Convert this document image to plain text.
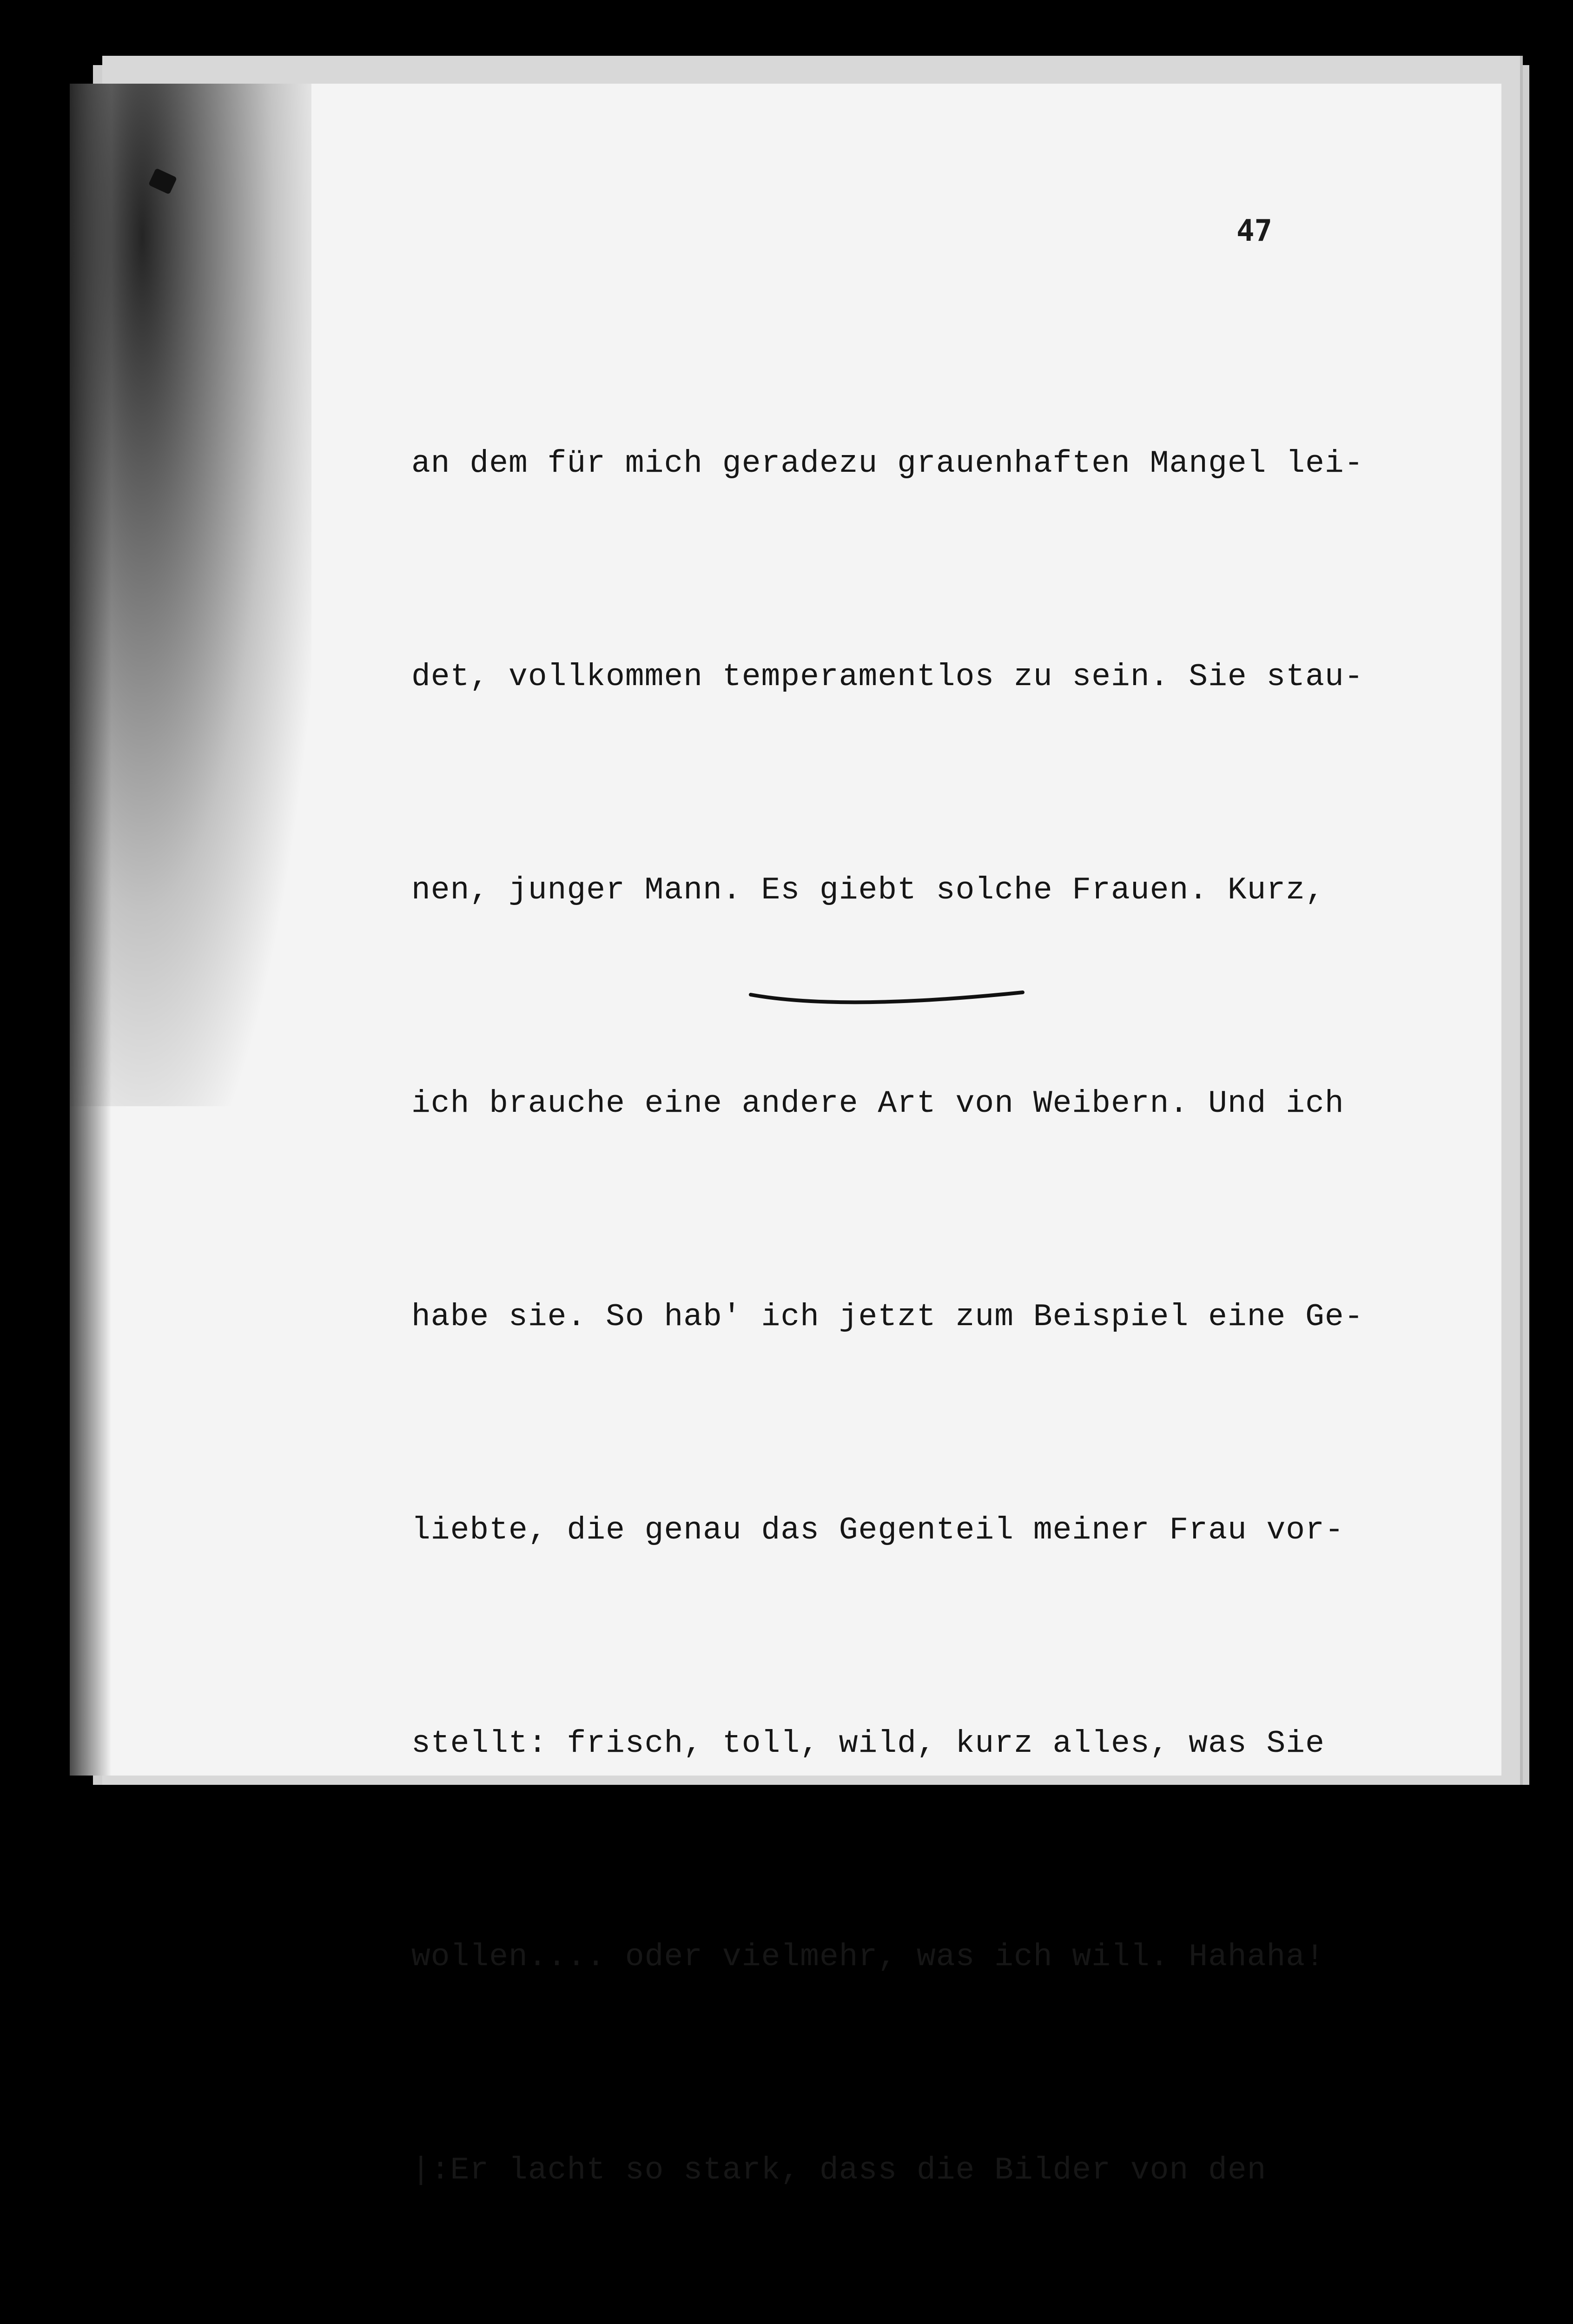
47

an dem für mich geradezu grauenhaften Mangel lei-

det, vollkommen temperamentlos zu sein. Sie stau-

nen, junger Mann. Es giebt solche Frauen. Kurz,

ich brauche eine andere Art von Weibern. Und ich

habe sie. So hab' ich jetzt zum Beispiel eine Ge-

liebte, die genau das Gegenteil meiner Frau vor-

stellt: frisch, toll, wild, kurz alles, was Sie

wollen.... oder vielmehr, was ich will. Hahaha!

|:Er lacht so stark, dass die Bilder von den
